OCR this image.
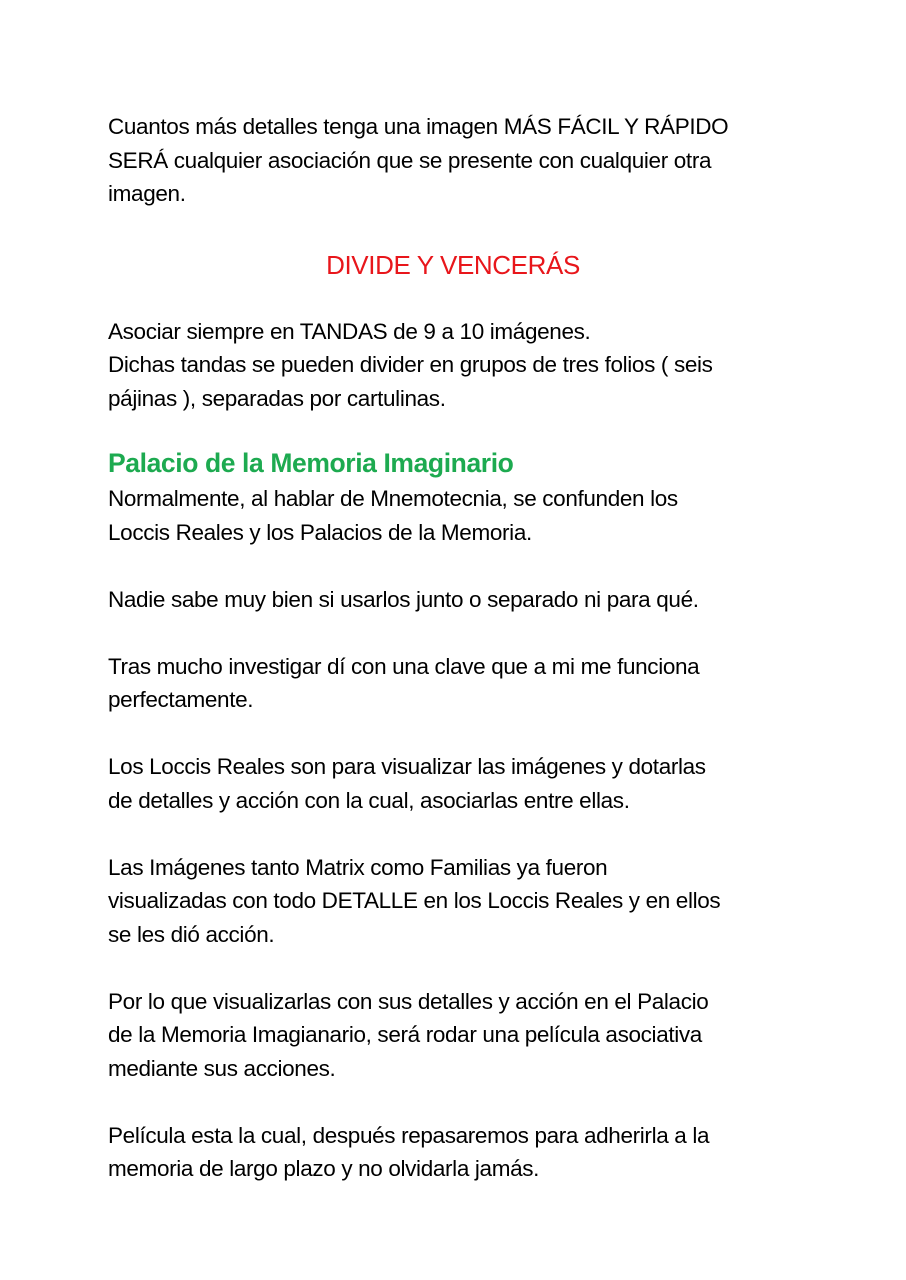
Cuantos más detalles tenga una imagen MÁS FÁCIL Y RÁPIDO
SERÁ cualquier asociación que se presente con cualquier otra
imagen.
DIVIDE Y VENCERÁS
Asociar siempre en TANDAS de 9 a 10 imágenes.
Dichas tandas se pueden divider en grupos de tres folios ( seis
pájinas ), separadas por cartulinas.
Palacio de la Memoria Imaginario
Normalmente, al hablar de Mnemotecnia, se confunden los
Loccis Reales y los Palacios de la Memoria.
Nadie sabe muy bien si usarlos junto o separado ni para qué.
Tras mucho investigar dí con una clave que a mi me funciona
perfectamente.
Los Loccis Reales son para visualizar las imágenes y dotarlas
de detalles y acción con la cual, asociarlas entre ellas.
Las Imágenes tanto Matrix como Familias ya fueron
visualizadas con todo DETALLE en los Loccis Reales y en ellos
se les dió acción.
Por lo que visualizarlas con sus detalles y acción en el Palacio
de la Memoria Imagianario, será rodar una película asociativa
mediante sus acciones.
Película esta la cual, después repasaremos para adherirla a la
memoria de largo plazo y no olvidarla jamás.
